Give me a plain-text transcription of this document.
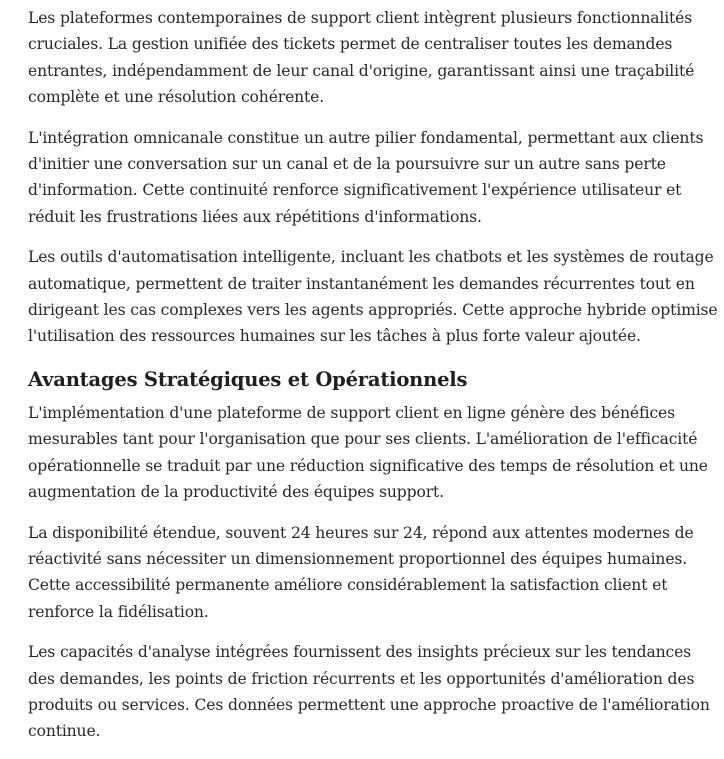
Les plateformes contemporaines de support client intègrent plusieurs fonctionnalités cruciales. La gestion unifiée des tickets permet de centraliser toutes les demandes entrantes, indépendamment de leur canal d'origine, garantissant ainsi une traçabilité complète et une résolution cohérente.

L'intégration omnicanale constitue un autre pilier fondamental, permettant aux clients d'initier une conversation sur un canal et de la poursuivre sur un autre sans perte d'information. Cette continuité renforce significativement l'expérience utilisateur et réduit les frustrations liées aux répétitions d'informations.

Les outils d'automatisation intelligente, incluant les chatbots et les systèmes de routage automatique, permettent de traiter instantanément les demandes récurrentes tout en dirigeant les cas complexes vers les agents appropriés. Cette approche hybride optimise l'utilisation des ressources humaines sur les tâches à plus forte valeur ajoutée.

Avantages Stratégiques et Opérationnels

L'implémentation d'une plateforme de support client en ligne génère des bénéfices mesurables tant pour l'organisation que pour ses clients. L'amélioration de l'efficacité opérationnelle se traduit par une réduction significative des temps de résolution et une augmentation de la productivité des équipes support.

La disponibilité étendue, souvent 24 heures sur 24, répond aux attentes modernes de réactivité sans nécessiter un dimensionnement proportionnel des équipes humaines. Cette accessibilité permanente améliore considérablement la satisfaction client et renforce la fidélisation.

Les capacités d'analyse intégrées fournissent des insights précieux sur les tendances des demandes, les points de friction récurrents et les opportunités d'amélioration des produits ou services. Ces données permettent une approche proactive de l'amélioration continue.
